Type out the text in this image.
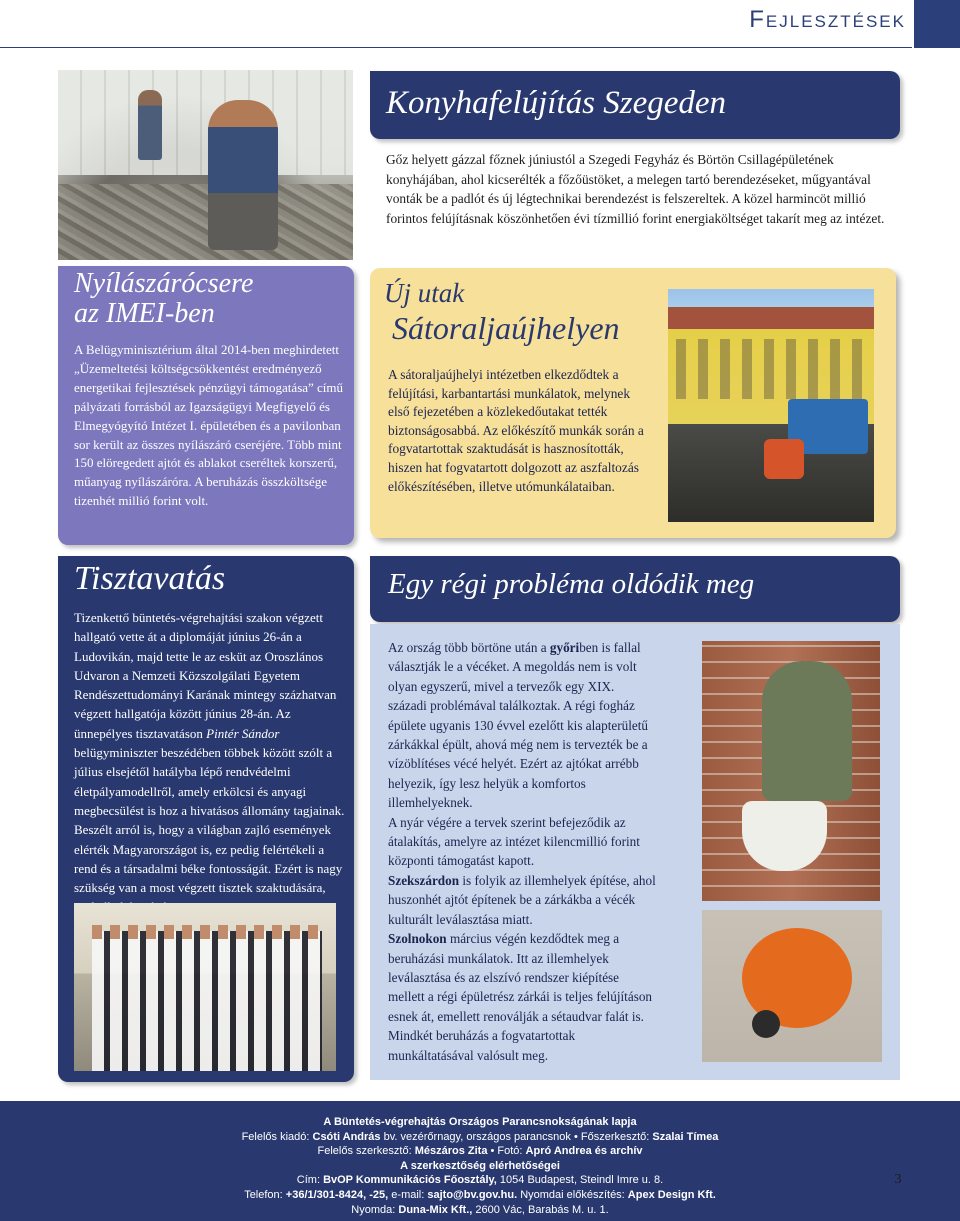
Fejlesztések
Konyhafelújítás Szegeden
Gőz helyett gázzal főznek júniustól a Szegedi Fegyház és Börtön Csillagépületének konyhájában, ahol kicserélték a főzőüstöket, a melegen tartó berendezéseket, műgyantával vonták be a padlót és új légtechnikai berendezést is felszereltek. A közel harmincöt millió forintos felújításnak köszönhetően évi tízmillió forint energiaköltséget takarít meg az intézet.
Nyílászárócsere
az IMEI-ben
A Belügyminisztérium által 2014-ben meghirdetett „Üzemeltetési költségcsökkentést eredményező energetikai fejlesztések pénzügyi támogatása” című pályázati forrásból az Igazságügyi Megfigyelő és Elmegyógyító Intézet I. épületében és a pavilonban sor került az összes nyílászáró cseréjére. Több mint 150 elöregedett ajtót és ablakot cseréltek korszerű, műanyag nyílászáróra. A beruházás összköltsége tizenhét millió forint volt.
Új utak
Sátoraljaújhelyen
A sátoraljaújhelyi intézetben elkezdődtek a felújítási, karbantartási munkálatok, melynek első fejezetében a közlekedőutakat tették biztonságosabbá. Az előkészítő munkák során a fogvatartottak szaktudását is hasznosították, hiszen hat fogvatartott dolgozott az aszfaltozás előkészítésében, illetve utómunkálataiban.
Tisztavatás
Tizenkettő büntetés-végrehajtási szakon végzett hallgató vette át a diplomáját június 26-án a Ludovikán, majd tette le az esküt az Oroszlános Udvaron a Nemzeti Közszolgálati Egyetem Rendészettudományi Karának mintegy százhatvan végzett hallgatója között június 28-án. Az ünnepélyes tisztavatáson Pintér Sándor belügyminiszter beszédében többek között szólt a július elsejétől hatályba lépő rendvédelmi életpályamodellről, amely erkölcsi és anyagi megbecsülést is hoz a hivatásos állomány tagjainak. Beszélt arról is, hogy a világban zajló események elérték Magyarországot is, ez pedig felértékeli a rend és a társadalmi béke fontosságát. Ezért is nagy szükség van a most végzett tisztek szaktudására,
Egy régi probléma oldódik meg
Az ország több börtöne után a győriben is fallal választják le a vécéket. A megoldás nem is volt olyan egyszerű, mivel a tervezők egy XIX. századi problémával találkoztak. A régi fogház épülete ugyanis 130 évvel ezelőtt kis alapterületű zárkákkal épült, ahová még nem is tervezték be a vízöblítéses vécé helyét. Ezért az ajtókat arrébb helyezik, így lesz helyük a komfortos illemhelyeknek.
A nyár végére a tervek szerint befejeződik az átalakítás, amelyre az intézet kilencmillió forint központi támogatást kapott.
Szekszárdon is folyik az illemhelyek építése, ahol huszonhét ajtót építenek be a zárkákba a vécék kulturált leválasztása miatt.
Szolnokon március végén kezdődtek meg a beruházási munkálatok. Itt az illemhelyek leválasztása és az elszívó rendszer kiépítése mellett a régi épületrész zárkái is teljes felújításon esnek át, emellett renoválják a sétaudvar falát is. Mindkét beruházás a fogvatartottak munkáltatásával valósult meg.
A Büntetés-végrehajtás Országos Parancsnokságának lapja
Felelős kiadó: Csóti András bv. vezérőrnagy, országos parancsnok • Főszerkesztő: Szalai Tímea
Felelős szerkesztő: Mészáros Zita • Fotó: Apró Andrea és archív
A szerkesztőség elérhetőségei
Cím: BvOP Kommunikációs Főosztály, 1054 Budapest, Steindl Imre u. 8.
Telefon: +36/1/301-8424, -25, e-mail: sajto@bv.gov.hu. Nyomdai előkészítés: Apex Design Kft.
Nyomda: Duna-Mix Kft., 2600 Vác, Barabás M. u. 1.
3
